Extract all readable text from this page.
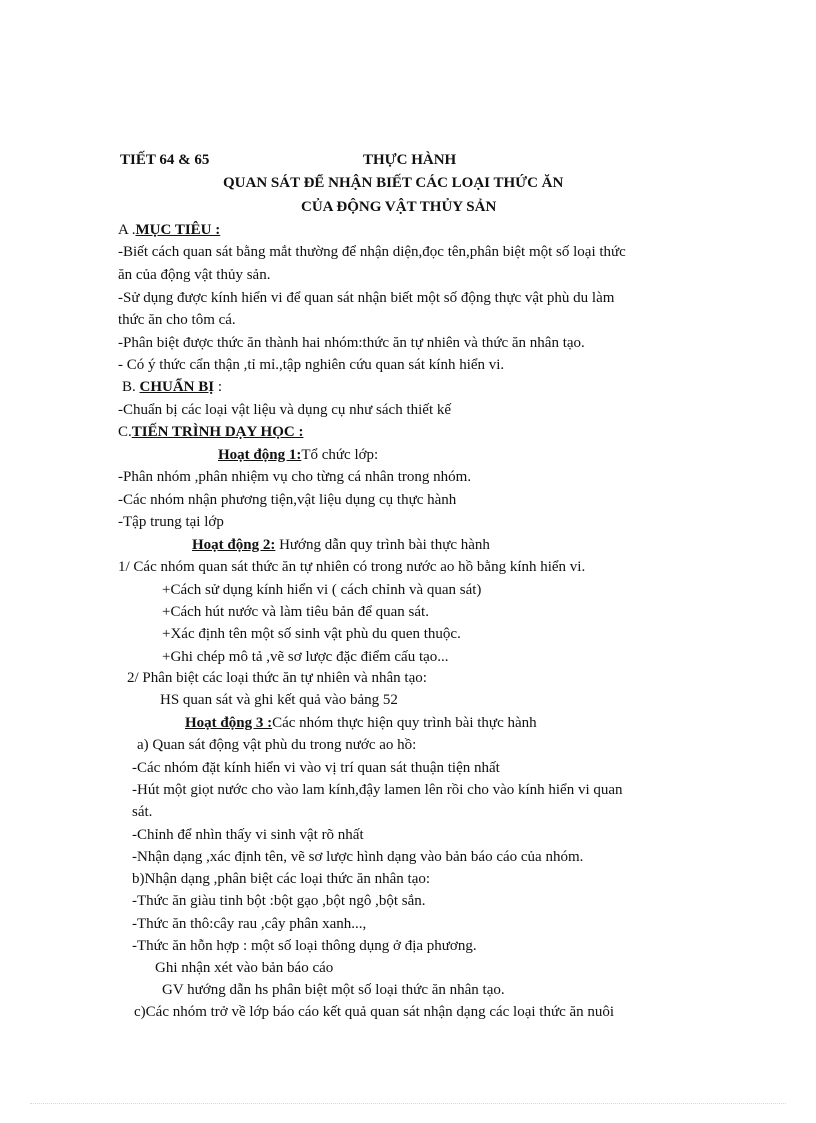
TIẾT 64 & 65	THỰC HÀNH
QUAN SÁT ĐỂ NHẬN BIẾT CÁC LOẠI THỨC ĂN
CỦA ĐỘNG VẬT THỦY SẢN
A .MỤC TIÊU :
-Biết cách quan sát bằng mắt thường để nhận diện,đọc tên,phân biệt một số loại thức
ăn của động vật thủy sản.
-Sử dụng được kính hiển vi để quan sát nhận biết một số động thực vật phù du làm
thức ăn cho tôm cá.
-Phân biệt được thức ăn thành hai nhóm:thức ăn tự nhiên và thức ăn nhân tạo.
- Có ý thức cẩn thận ,tỉ mỉ.,tập nghiên cứu quan sát kính hiển vi.
B. CHUẨN BỊ :
-Chuẩn bị các loại vật liệu và dụng cụ như sách thiết kế
C.TIẾN TRÌNH DẠY HỌC :
Hoạt động 1:Tổ chức lớp:
-Phân nhóm ,phân nhiệm vụ cho từng cá nhân trong nhóm.
-Các nhóm nhận phương tiện,vật liệu dụng cụ thực hành
-Tập trung tại lớp
Hoạt động 2: Hướng dẫn quy trình bài thực hành
1/ Các nhóm quan sát thức ăn tự nhiên có trong nước ao hồ bằng kính hiển vi.
+Cách sử dụng kính hiển vi ( cách chỉnh và quan sát)
+Cách hút nước và làm tiêu bản để quan sát.
+Xác định tên một số sinh vật phù du quen thuộc.
+Ghi chép mô tả ,vẽ sơ lược đặc điểm cấu tạo...
2/ Phân biệt các loại thức ăn tự nhiên và nhân tạo:
HS quan sát và ghi kết quả vào bảng 52
Hoạt động 3 :Các nhóm thực hiện quy trình bài thực hành
a) Quan sát động vật phù du trong nước ao hồ:
-Các nhóm đặt kính hiển vi vào vị trí quan sát thuận tiện nhất
-Hút một giọt nước cho vào lam kính,đậy lamen lên rồi cho vào kính hiển vi quan
sát.
-Chỉnh để nhìn thấy vi sinh vật rõ nhất
-Nhận dạng ,xác định tên, vẽ sơ lược hình dạng vào bản báo cáo của nhóm.
b)Nhận dạng ,phân biệt các loại thức ăn nhân tạo:
-Thức ăn giàu tinh bột :bột gạo ,bột ngô ,bột sắn.
-Thức ăn thô:cây rau ,cây phân xanh...,
-Thức ăn hỗn hợp : một số loại thông dụng ở địa phương.
Ghi nhận xét vào bản báo cáo
GV hướng dẫn hs phân biệt một số loại thức ăn nhân tạo.
c)Các nhóm trở về lớp báo cáo kết quả quan sát nhận dạng các loại thức ăn nuôi
